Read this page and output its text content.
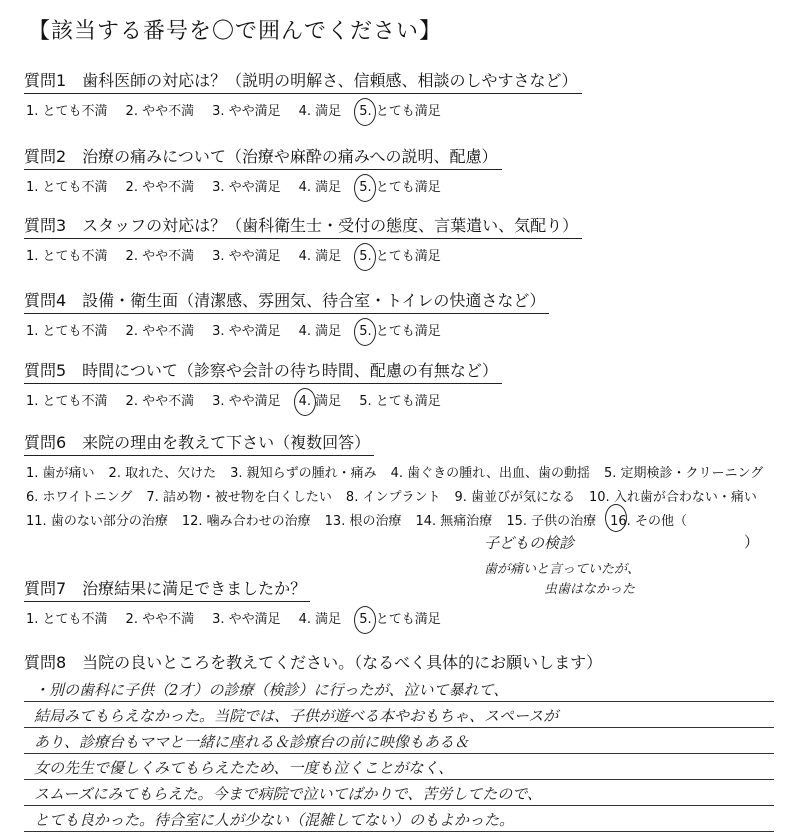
【該当する番号を〇で囲んでください】
質問1　歯科医師の対応は？（説明の明解さ、信頼感、相談のしやすさなど）
1. とても不満 2. やや不満 3. やや満足 4. 満足 5.
とても満足
質問2　治療の痛みについて（治療や麻酔の痛みへの説明、配慮）
1. とても不満 2. やや不満 3. やや満足 4. 満足 5.
とても満足
質問3　スタッフの対応は？（歯科衛生士・受付の態度、言葉遣い、気配り）
1. とても不満 2. やや不満 3. やや満足 4. 満足 5.
とても満足
質問4　設備・衛生面（清潔感、雰囲気、待合室・トイレの快適さなど）
1. とても不満 2. やや不満 3. やや満足 4. 満足 5.
とても満足
質問5　時間について（診察や会計の待ち時間、配慮の有無など）
1. とても不満 2. やや不満 3. やや満足 4.
満足 5. とても満足
質問6　来院の理由を教えて下さい（複数回答）
1. 歯が痛い 2. 取れた、欠けた 3. 親知らずの腫れ・痛み 4. 歯ぐきの腫れ、出血、歯の動揺 5. 定期検診・クリーニング6. ホワイトニング 7. 詰め物・被せ物を白くしたい 8. インプラント 9. 歯並びが気になる 10. 入れ歯が合わない・痛い11. 歯のない部分の治療 12. 噛み合わせの治療 13. 根の治療 14. 無痛治療 15. 子供の治療 16.
その他（
子どもの検診	）
歯が痛いと言っていたが、
虫歯はなかった
質問7　治療結果に満足できましたか？
1. とても不満 2. やや不満 3. やや満足 4. 満足 5.
とても満足
質問8　当院の良いところを教えてください。（なるべく具体的にお願いします）
・別の歯科に子供（2才）の診療（検診）に行ったが、泣いて暴れて、
結局みてもらえなかった。当院では、子供が遊べる本やおもちゃ、スペースが
あり、診療台もママと一緒に座れる＆診療台の前に映像もある＆
女の先生で優しくみてもらえたため、一度も泣くことがなく、
スムーズにみてもらえた。今まで病院で泣いてばかりで、苦労してたので、
とても良かった。待合室に人が少ない（混雑してない）のもよかった。
